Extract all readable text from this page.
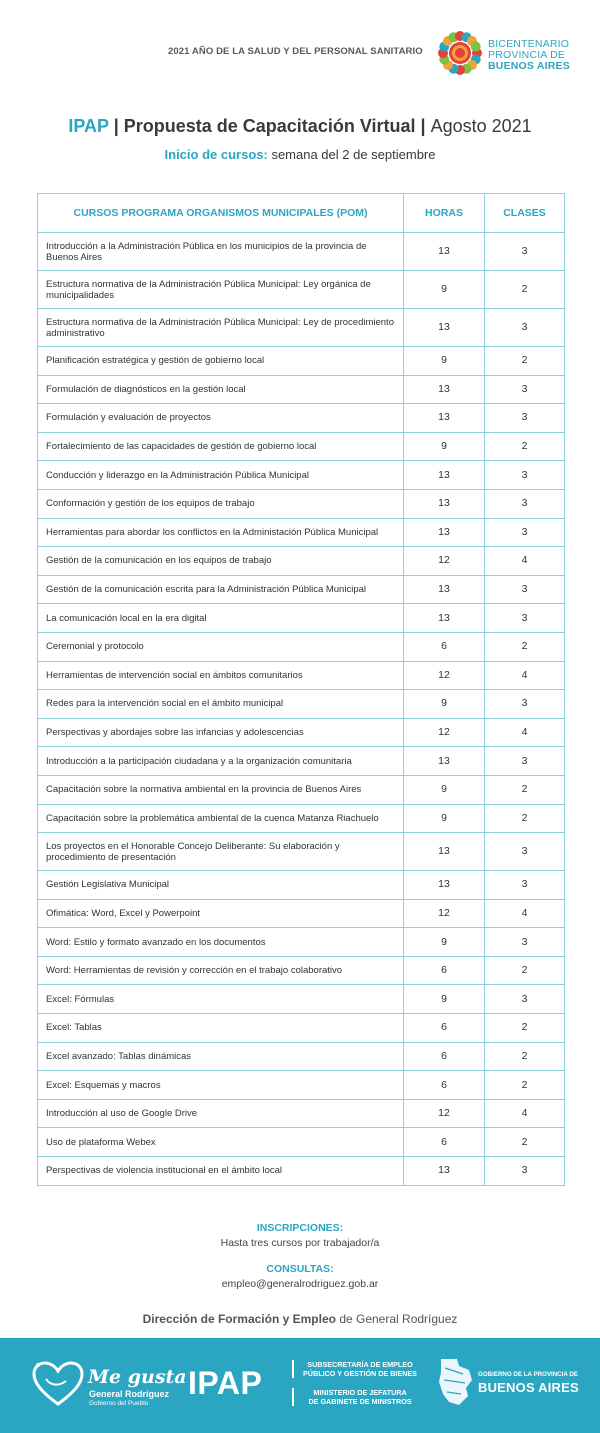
2021 AÑO DE LA SALUD Y DEL PERSONAL SANITARIO
BICENTENARIO
PROVINCIA DE
BUENOS AIRES
IPAP | Propuesta de Capacitación Virtual | Agosto 2021
Inicio de cursos: semana del 2 de septiembre
CURSOS PROGRAMA ORGANISMOS MUNICIPALES (POM)	HORAS	CLASES
Introducción a la Administración Pública en los municipios de la provincia de Buenos Aires	13	3
Estructura normativa de la Administración Pública Municipal: Ley orgánica de municipalidades	9	2
Estructura normativa de la Administración Pública Municipal: Ley de procedimiento administrativo	13	3
Planificación estratégica y gestión de gobierno local	9	2
Formulación de diagnósticos en la gestión local	13	3
Formulación y evaluación de proyectos	13	3
Fortalecimiento de las capacidades de gestión de gobierno local	9	2
Conducción y liderazgo en la Administración Pública Municipal	13	3
Conformación y gestión de los equipos de trabajo	13	3
Herramientas para abordar los conflictos en la Administación Pública Municipal	13	3
Gestión de la comunicación en los equipos de trabajo	12	4
Gestión de la comunicación escrita para la Administración Pública Municipal	13	3
La comunicación local en la era digital	13	3
Ceremonial y protocolo	6	2
Herramientas de intervención social en ámbitos comunitarios	12	4
Redes para la intervención social en el ámbito municipal	9	3
Perspectivas y abordajes sobre las infancias y adolescencias	12	4
Introducción a la participación ciudadana y a la organización comunitaria	13	3
Capacitación sobre la normativa ambiental en la provincia de Buenos Aires	9	2
Capacitación sobre la problemática ambiental de la cuenca Matanza Riachuelo	9	2
Los proyectos en el Honorable Concejo Deliberante: Su elaboración y procedimiento de presentación	13	3
Gestión Legislativa Municipal	13	3
Ofimática: Word, Excel y Powerpoint	12	4
Word: Estilo y formato avanzado en los documentos	9	3
Word: Herramientas de revisión y corrección en el trabajo colaborativo	6	2
Excel: Fórmulas	9	3
Excel: Tablas	6	2
Excel avanzado: Tablas dinámicas	6	2
Excel: Esquemas y macros	6	2
Introducción al uso de Google Drive	12	4
Uso de plataforma Webex	6	2
Perspectivas de violencia institucional en el ámbito local	13	3
INSCRIPCIONES:
Hasta tres cursos por trabajador/a
CONSULTAS:
empleo@generalrodriguez.gob.ar
Dirección de Formación y Empleo de General Rodríguez
Me gusta
General Rodríguez
Gobierno del Pueblo
IPAP
SUBSECRETARÍA DE EMPLEO
PÚBLICO Y GESTIÓN DE BIENES
MINISTERIO DE JEFATURA
DE GABINETE DE MINISTROS
GOBIERNO DE LA PROVINCIA DE
BUENOS AIRES
